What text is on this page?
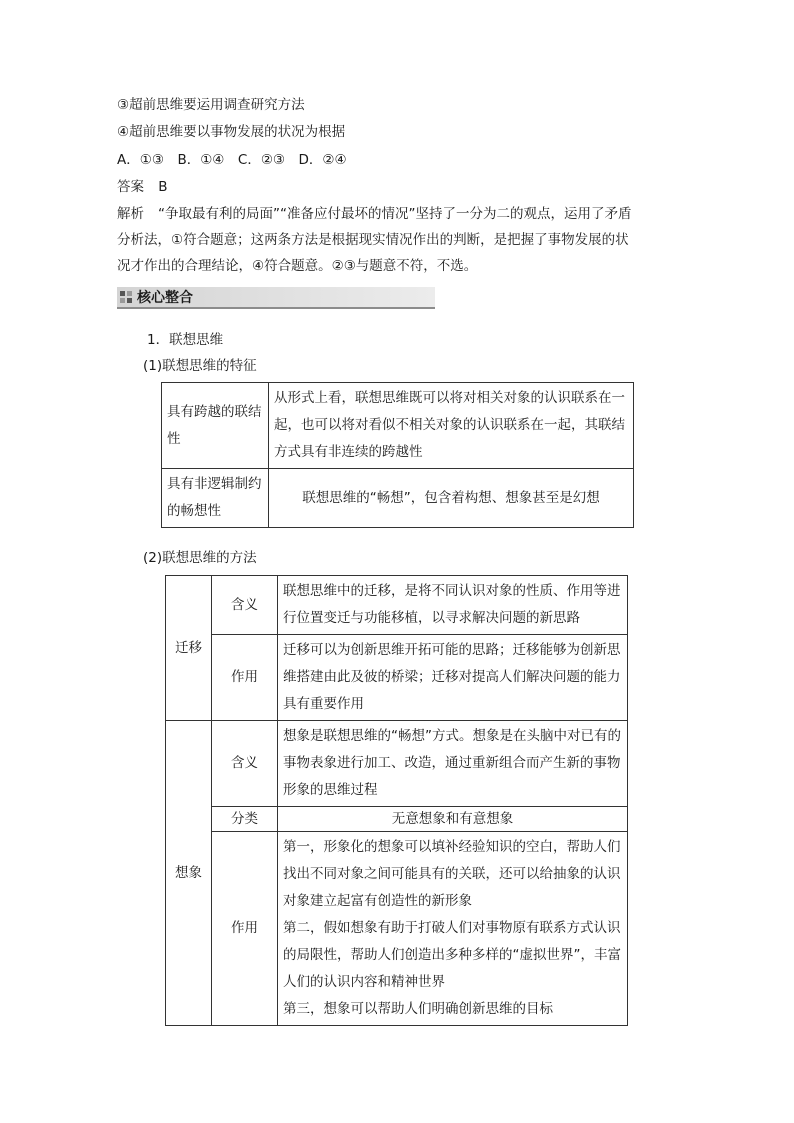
③超前思维要运用调查研究方法
④超前思维要以事物发展的状况为根据
A．①③　B．①④　C．②③　D．②④
答案 B
解析 “争取最有利的局面”“准备应付最坏的情况”坚持了一分为二的观点，运用了矛盾分析法，①符合题意；这两条方法是根据现实情况作出的判断，是把握了事物发展的状况才作出的合理结论，④符合题意。②③与题意不符，不选。
核心整合
1．联想思维
(1)联想思维的特征
具有跨越的联结性	从形式上看，联想思维既可以将对相关对象的认识联系在一起，也可以将对看似不相关对象的认识联系在一起，其联结方式具有非连续的跨越性
具有非逻辑制约的畅想性	联想思维的“畅想”，包含着构想、想象甚至是幻想
(2)联想思维的方法
迁移	含义	联想思维中的迁移，是将不同认识对象的性质、作用等进行位置变迁与功能移植，以寻求解决问题的新思路
	作用	迁移可以为创新思维开拓可能的思路；迁移能够为创新思维搭建由此及彼的桥梁；迁移对提高人们解决问题的能力具有重要作用
想象	含义	想象是联想思维的“畅想”方式。想象是在头脑中对已有的事物表象进行加工、改造，通过重新组合而产生新的事物形象的思维过程
	分类	无意想象和有意想象
	作用	第一，形象化的想象可以填补经验知识的空白，帮助人们找出不同对象之间可能具有的关联，还可以给抽象的认识对象建立起富有创造性的新形象
第二，假如想象有助于打破人们对事物原有联系方式认识的局限性，帮助人们创造出多种多样的“虚拟世界”，丰富人们的认识内容和精神世界
第三，想象可以帮助人们明确创新思维的目标
